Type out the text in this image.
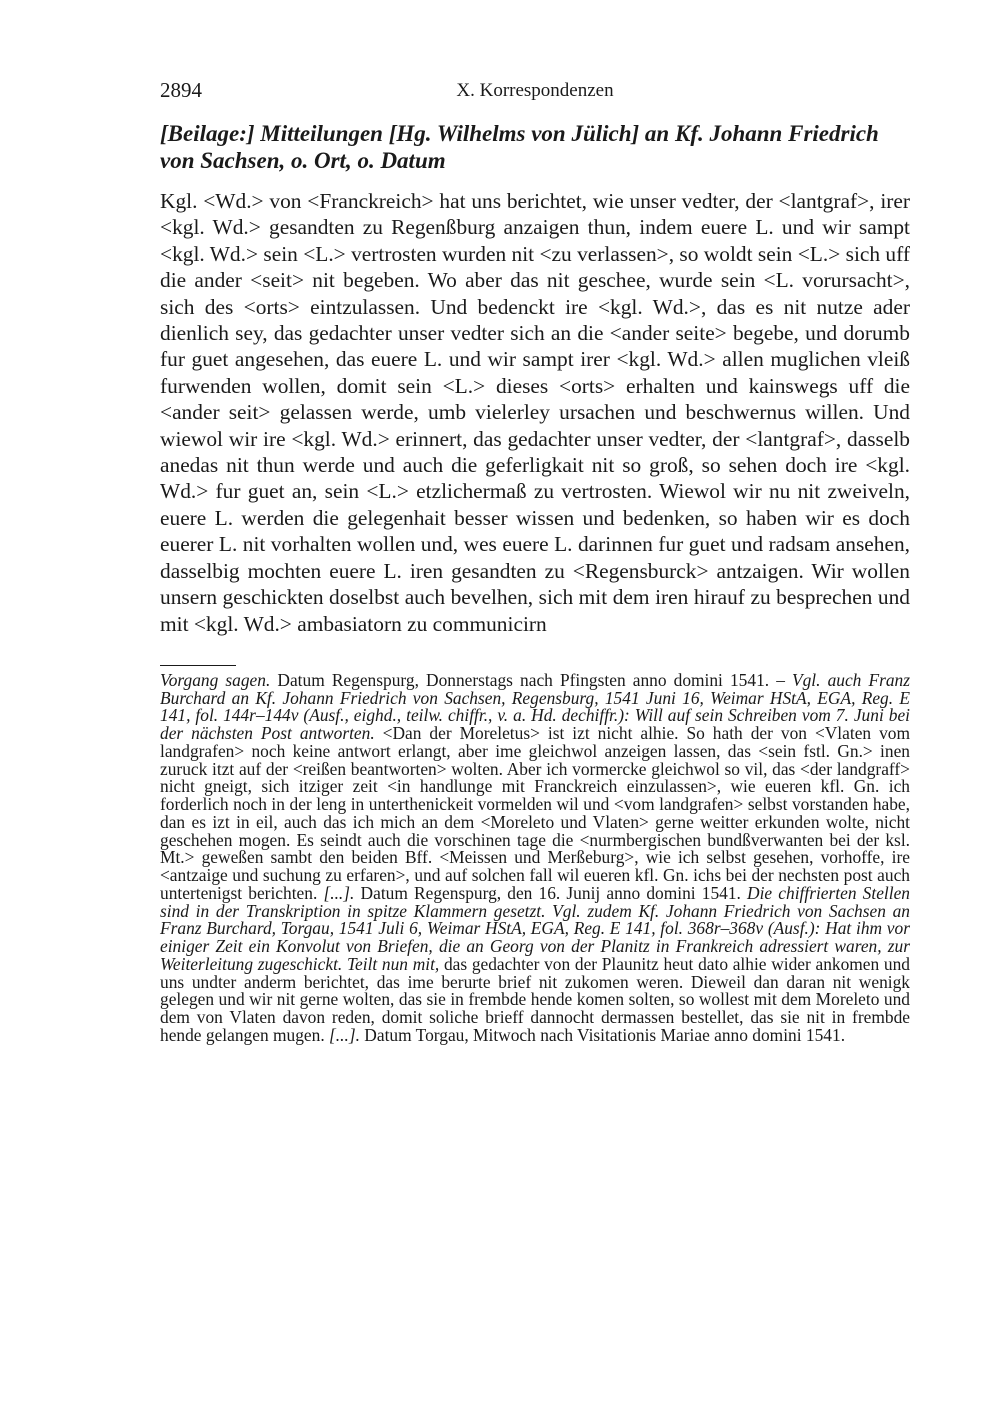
2894	X. Korrespondenzen
[Beilage:] Mitteilungen [Hg. Wilhelms von Jülich] an Kf. Johann Friedrich von Sachsen, o. Ort, o. Datum

Kgl. <Wd.> von <Franckreich> hat uns berichtet, wie unser vedter, der <lantgraf>, irer <kgl. Wd.> gesandten zu Regenßburg anzaigen thun, indem euere L. und wir sampt <kgl. Wd.> sein <L.> vertrosten wurden nit <zu verlassen>, so woldt sein <L.> sich uff die ander <seit> nit begeben. Wo aber das nit geschee, wurde sein <L. vorursacht>, sich des <orts> eintzulassen. Und bedenckt ire <kgl. Wd.>, das es nit nutze ader dienlich sey, das gedachter unser vedter sich an die <ander seite> begebe, und dorumb fur guet angesehen, das euere L. und wir sampt irer <kgl. Wd.> allen muglichen vleiß furwenden wollen, domit sein <L.> dieses <orts> erhalten und kainswegs uff die <ander seit> gelassen werde, umb vielerley ursachen und beschwernus willen. Und wiewol wir ire <kgl. Wd.> erinnert, das gedachter unser vedter, der <lantgraf>, dasselb anedas nit thun werde und auch die geferligkait nit so groß, so sehen doch ire <kgl. Wd.> fur guet an, sein <L.> etzlichermaß zu vertrosten. Wiewol wir nu nit zweiveln, euere L. werden die gelegenhait besser wissen und bedenken, so haben wir es doch euerer L. nit vorhalten wollen und, wes euere L. darinnen fur guet und radsam ansehen, dasselbig mochten euere L. iren gesandten zu <Regensburck> antzaigen. Wir wollen unsern geschickten doselbst auch bevelhen, sich mit dem iren hirauf zu besprechen und mit <kgl. Wd.> ambasiatorn zu communicirn

Vorgang sagen. Datum Regenspurg, Donnerstags nach Pfingsten anno domini 1541. – Vgl. auch Franz Burchard an Kf. Johann Friedrich von Sachsen, Regensburg, 1541 Juni 16, Weimar HStA, EGA, Reg. E 141, fol. 144r–144v (Ausf., eighd., teilw. chiffr., v. a. Hd. dechiffr.): Will auf sein Schreiben vom 7. Juni bei der nächsten Post antworten. <Dan der Moreletus> ist izt nicht alhie. So hath der von <Vlaten vom landgrafen> noch keine antwort erlangt, aber ime gleichwol anzeigen lassen, das <sein fstl. Gn.> inen zuruck itzt auf der <reißen beantworten> wolten. Aber ich vormercke gleichwol so vil, das <der landgraff> nicht gneigt, sich itziger zeit <in handlunge mit Franckreich einzulassen>, wie eueren kfl. Gn. ich forderlich noch in der leng in unterthenickeit vormelden wil und <vom landgrafen> selbst vorstanden habe, dan es izt in eil, auch das ich mich an dem <Moreleto und Vlaten> gerne weitter erkunden wolte, nicht geschehen mogen. Es seindt auch die vorschinen tage die <nurmbergischen bundßverwanten bei der ksl. Mt.> geweßen sambt den beiden Bff. <Meissen und Merßeburg>, wie ich selbst gesehen, vorhoffe, ire <antzaige und suchung zu erfaren>, und auf solchen fall wil eueren kfl. Gn. ichs bei der nechsten post auch untertenigst berichten. [...]. Datum Regenspurg, den 16. Junij anno domini 1541. Die chiffrierten Stellen sind in der Transkription in spitze Klammern gesetzt. Vgl. zudem Kf. Johann Friedrich von Sachsen an Franz Burchard, Torgau, 1541 Juli 6, Weimar HStA, EGA, Reg. E 141, fol. 368r–368v (Ausf.): Hat ihm vor einiger Zeit ein Konvolut von Briefen, die an Georg von der Planitz in Frankreich adressiert waren, zur Weiterleitung zugeschickt. Teilt nun mit, das gedachter von der Plaunitz heut dato alhie wider ankomen und uns undter anderm berichtet, das ime berurte brief nit zukomen weren. Dieweil dan daran nit wenigk gelegen und wir nit gerne wolten, das sie in frembde hende komen solten, so wollest mit dem Moreleto und dem von Vlaten davon reden, domit soliche brieff dannocht dermassen bestellet, das sie nit in frembde hende gelangen mugen. [...]. Datum Torgau, Mitwoch nach Visitationis Mariae anno domini 1541.
